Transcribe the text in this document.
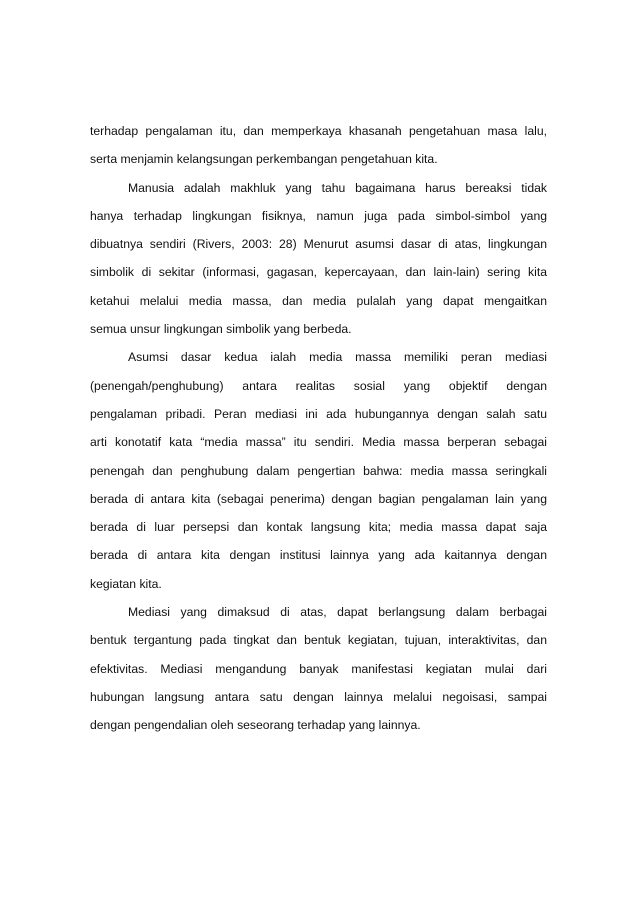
terhadap pengalaman itu, dan memperkaya khasanah pengetahuan masa lalu,
serta menjamin kelangsungan perkembangan pengetahuan kita.
Manusia adalah makhluk yang tahu bagaimana harus bereaksi tidak
hanya terhadap lingkungan fisiknya, namun juga pada simbol-simbol yang
dibuatnya sendiri (Rivers, 2003: 28) Menurut asumsi dasar di atas, lingkungan
simbolik di sekitar (informasi, gagasan, kepercayaan, dan lain-lain) sering kita
ketahui melalui media massa, dan media pulalah yang dapat mengaitkan
semua unsur lingkungan simbolik yang berbeda.
Asumsi dasar kedua ialah media massa memiliki peran mediasi
(penengah/penghubung) antara realitas sosial yang objektif dengan
pengalaman pribadi. Peran mediasi ini ada hubungannya dengan salah satu
arti konotatif kata “media massa” itu sendiri. Media massa berperan sebagai
penengah dan penghubung dalam pengertian bahwa: media massa seringkali
berada di antara kita (sebagai penerima) dengan bagian pengalaman lain yang
berada di luar persepsi dan kontak langsung kita; media massa dapat saja
berada di antara kita dengan institusi lainnya yang ada kaitannya dengan
kegiatan kita.
Mediasi yang dimaksud di atas, dapat berlangsung dalam berbagai
bentuk tergantung pada tingkat dan bentuk kegiatan, tujuan, interaktivitas, dan
efektivitas. Mediasi mengandung banyak manifestasi kegiatan mulai dari
hubungan langsung antara satu dengan lainnya melalui negoisasi, sampai
dengan pengendalian oleh seseorang terhadap yang lainnya.
